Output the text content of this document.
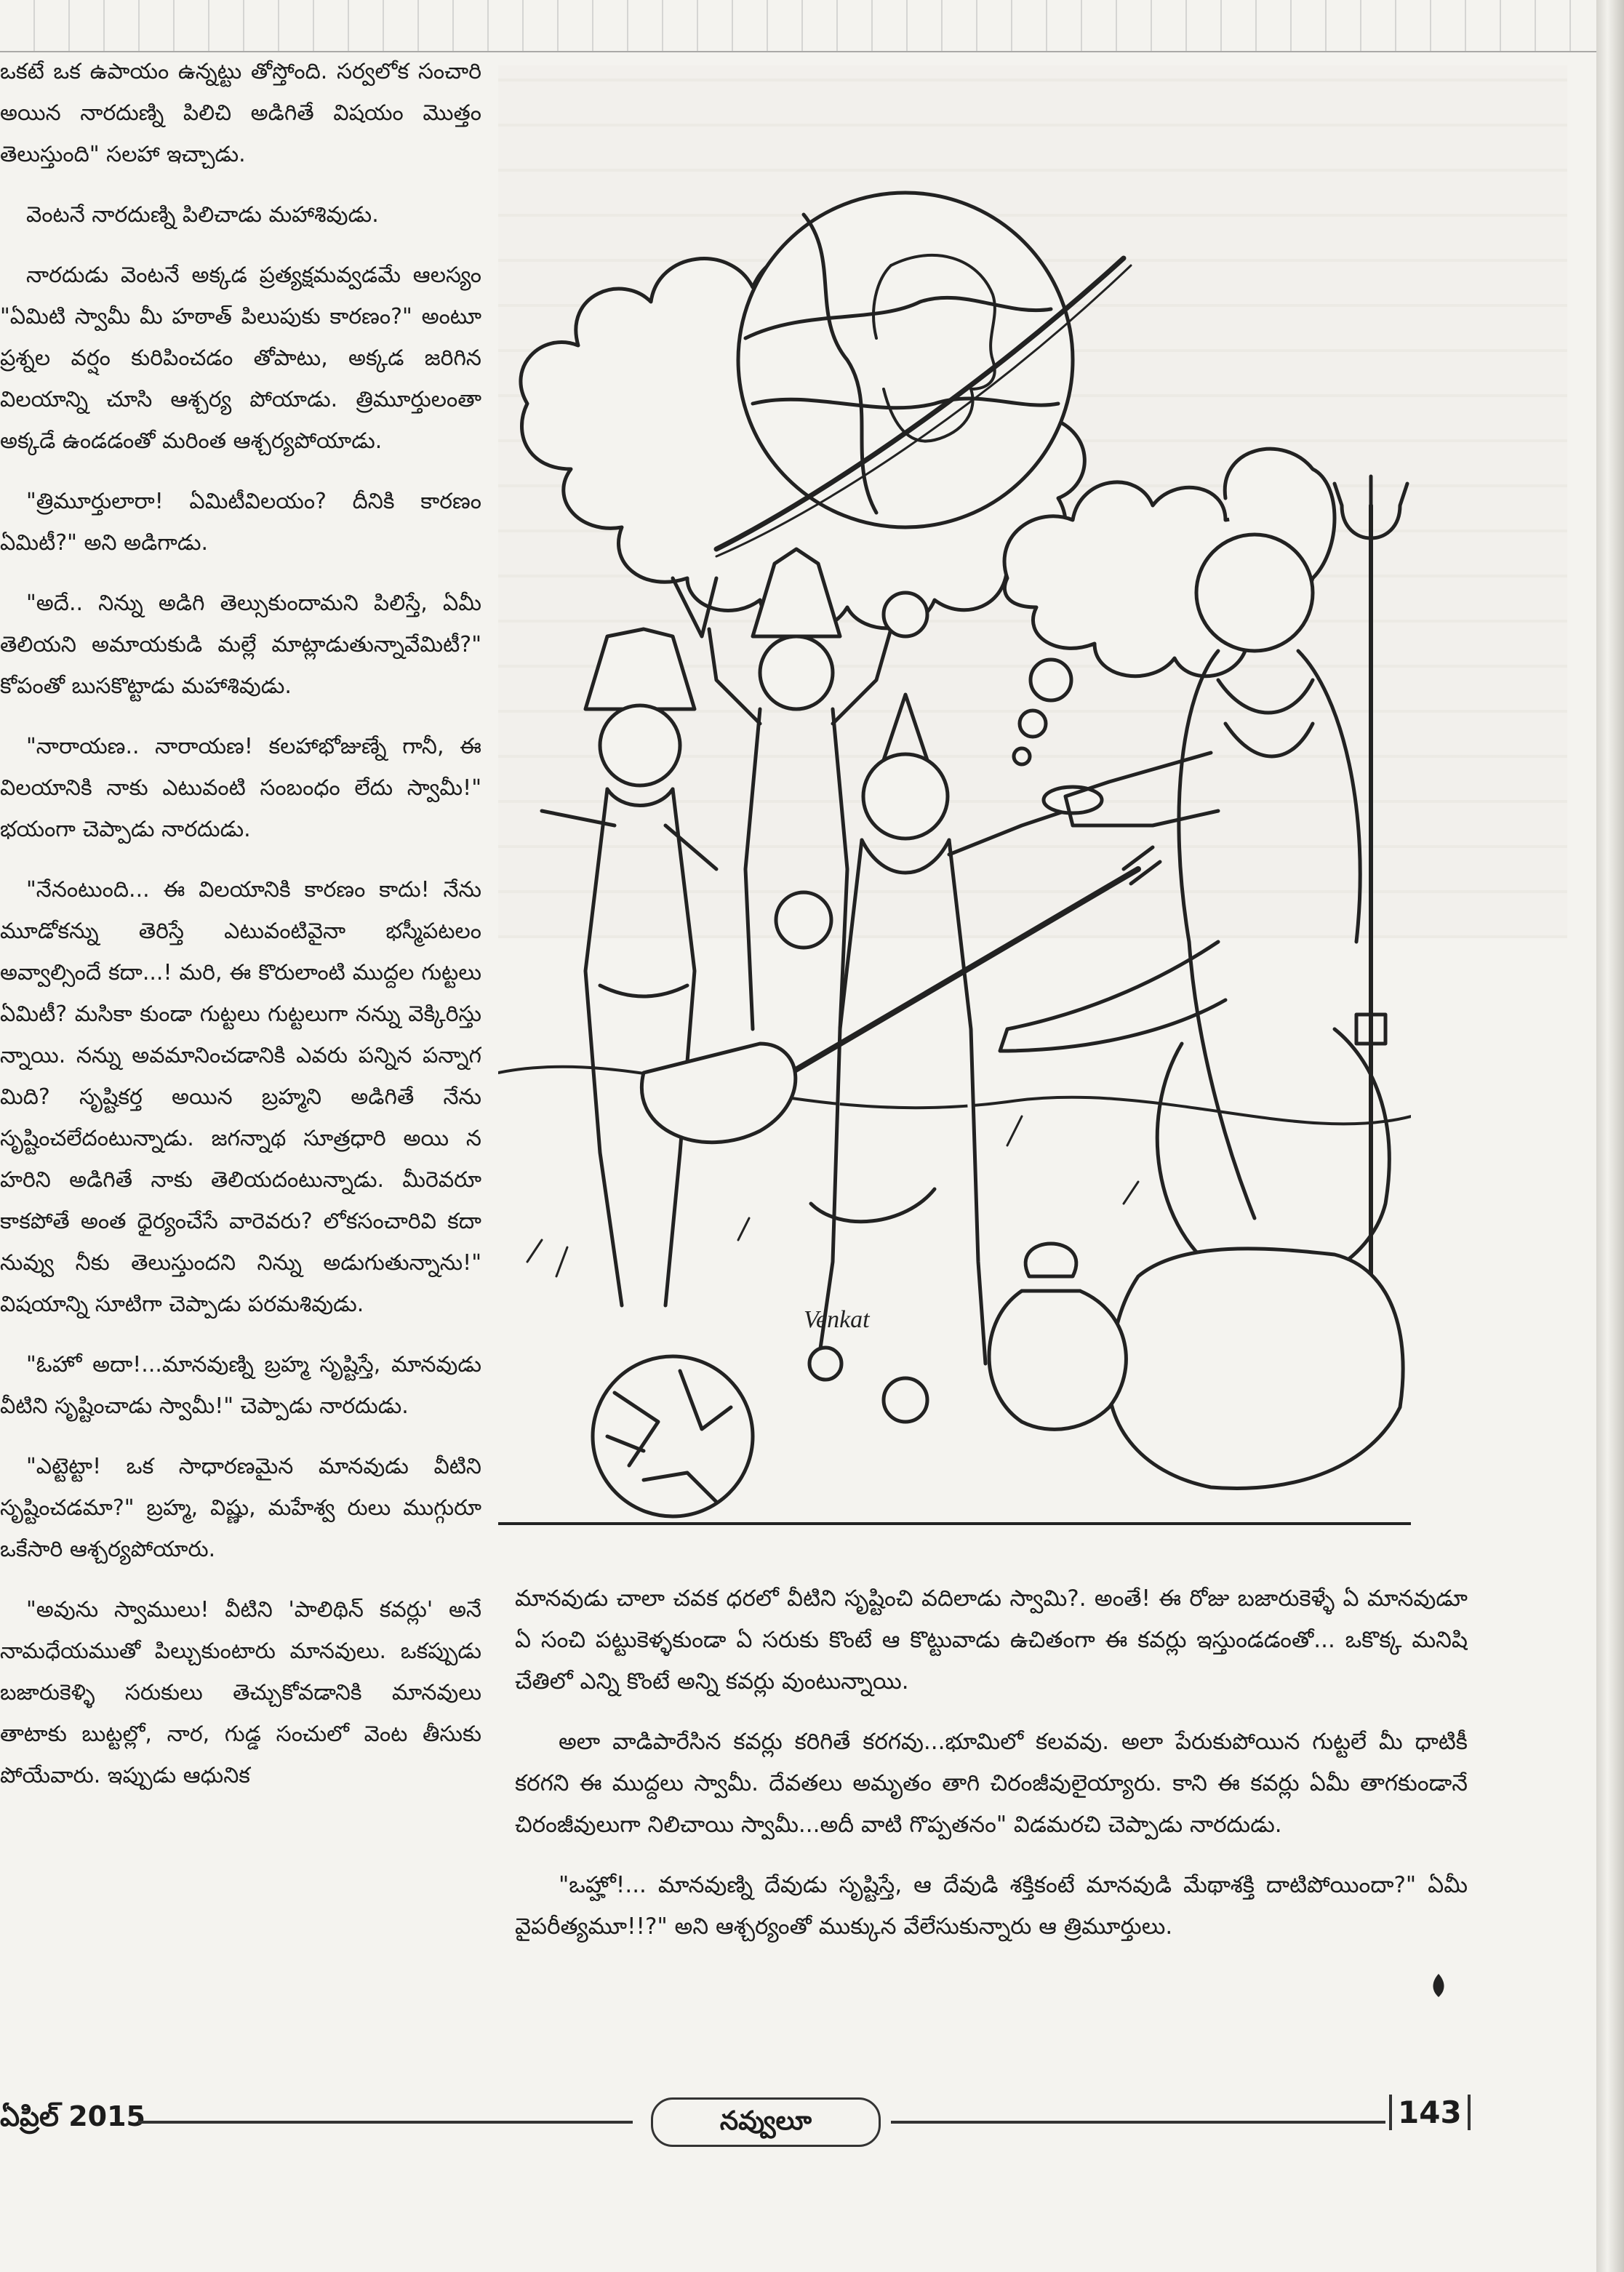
ఒకటే ఒక ఉపాయం ఉన్నట్టు తోస్తోంది. సర్వలోక సంచారి అయిన నారదుణ్ని పిలిచి అడిగితే విషయం మొత్తం తెలుస్తుంది" సలహా ఇచ్చాడు.

వెంటనే నారదుణ్ని పిలిచాడు మహాశివుడు.

నారదుడు వెంటనే అక్కడ ప్రత్యక్షమవ్వడమే ఆలస్యం "ఏమిటి స్వామీ మీ హఠాత్ పిలుపుకు కారణం?" అంటూ ప్రశ్నల వర్షం కురిపించడం తోపాటు, అక్కడ జరిగిన విలయాన్ని చూసి ఆశ్చర్య పోయాడు. త్రిమూర్తులంతా అక్కడే ఉండడంతో మరింత ఆశ్చర్యపోయాడు.

"త్రిమూర్తులారా! ఏమిటీవిలయం? దీనికి కారణం ఏమిటీ?" అని అడిగాడు.

"అదే.. నిన్ను అడిగి తెల్సుకుందామని పిలిస్తే, ఏమీ తెలియని అమాయకుడి మల్లే మాట్లాడుతున్నావేమిటీ?" కోపంతో బుసకొట్టాడు మహాశివుడు.

"నారాయణ.. నారాయణ! కలహాభోజుణ్నే గానీ, ఈ విలయానికి నాకు ఎటువంటి సంబంధం లేదు స్వామీ!" భయంగా చెప్పాడు నారదుడు.

"నేనంటుంది... ఈ విలయానికి కారణం కాదు! నేను మూడోకన్ను తెరిస్తే ఎటువంటివైనా భస్మీపటలం అవ్వాల్సిందే కదా...! మరి, ఈ కొరులాంటి ముద్దల గుట్టలు ఏమిటీ? మసికా కుండా గుట్టలు గుట్టలుగా నన్ను వెక్కిరిస్తు న్నాయి. నన్ను అవమానించడానికి ఎవరు పన్నిన పన్నాగ మిది? సృష్టికర్త అయిన బ్రహ్మని అడిగితే నేను సృష్టించలేదంటున్నాడు. జగన్నాథ సూత్రధారి అయి న హరిని అడిగితే నాకు తెలియదంటున్నాడు. మీరెవరూ కాకపోతే అంత ధైర్యంచేసే వారెవరు? లోకసంచారివి కదా నువ్వు నీకు తెలుస్తుందని నిన్ను అడుగుతున్నాను!" విషయాన్ని సూటిగా చెప్పాడు పరమశివుడు.

"ఓహో అదా!...మానవుణ్ని బ్రహ్మ సృష్టిస్తే, మానవుడు వీటిని సృష్టించాడు స్వామీ!" చెప్పాడు నారదుడు.

"ఎట్టెట్టా! ఒక సాధారణమైన మానవుడు వీటిని సృష్టించడమా?" బ్రహ్మ, విష్ణు, మహేశ్వ రులు ముగ్గురూ ఒకేసారి ఆశ్చర్యపోయారు.

"అవును స్వాములు! వీటిని 'పాలిథిన్ కవర్లు' అనే నామధేయముతో పిల్చుకుంటారు మానవులు. ఒకప్పుడు బజారుకెళ్ళి సరుకులు తెచ్చుకోవడానికి మానవులు తాటాకు బుట్టల్లో, నార, గుడ్డ సంచులో వెంట తీసుకు పోయేవారు. ఇప్పుడు ఆధునిక

Venkat

మానవుడు చాలా చవక ధరలో వీటిని సృష్టించి వదిలాడు స్వామి?. అంతే! ఈ రోజు బజారుకెళ్ళే ఏ మానవుడూ ఏ సంచి పట్టుకెళ్ళకుండా ఏ సరుకు కొంటే ఆ కొట్టువాడు ఉచితంగా ఈ కవర్లు ఇస్తుండడంతో... ఒకొక్క మనిషి చేతిలో ఎన్ని కొంటే అన్ని కవర్లు వుంటున్నాయి.

అలా వాడిపారేసిన కవర్లు కరిగితే కరగవు...భూమిలో కలవవు. అలా పేరుకుపోయిన గుట్టలే మీ ధాటికీ కరగని ఈ ముద్దలు స్వామీ. దేవతలు అమృతం తాగి చిరంజీవులైయ్యారు. కాని ఈ కవర్లు ఏమీ తాగకుండానే చిరంజీవులుగా నిలిచాయి స్వామీ...అదీ వాటి గొప్పతనం" విడమరచి చెప్పాడు నారదుడు.

"ఒహ్హో!... మానవుణ్ని దేవుడు సృష్టిస్తే, ఆ దేవుడి శక్తికంటే మానవుడి మేథాశక్తి దాటిపోయిందా?" ఏమీ వైపరీత్యమూ!!?" అని ఆశ్చర్యంతో ముక్కున వేలేసుకున్నారు ఆ త్రిమూర్తులు.

ఏప్రిల్ 2015	నవ్వులూ	143
